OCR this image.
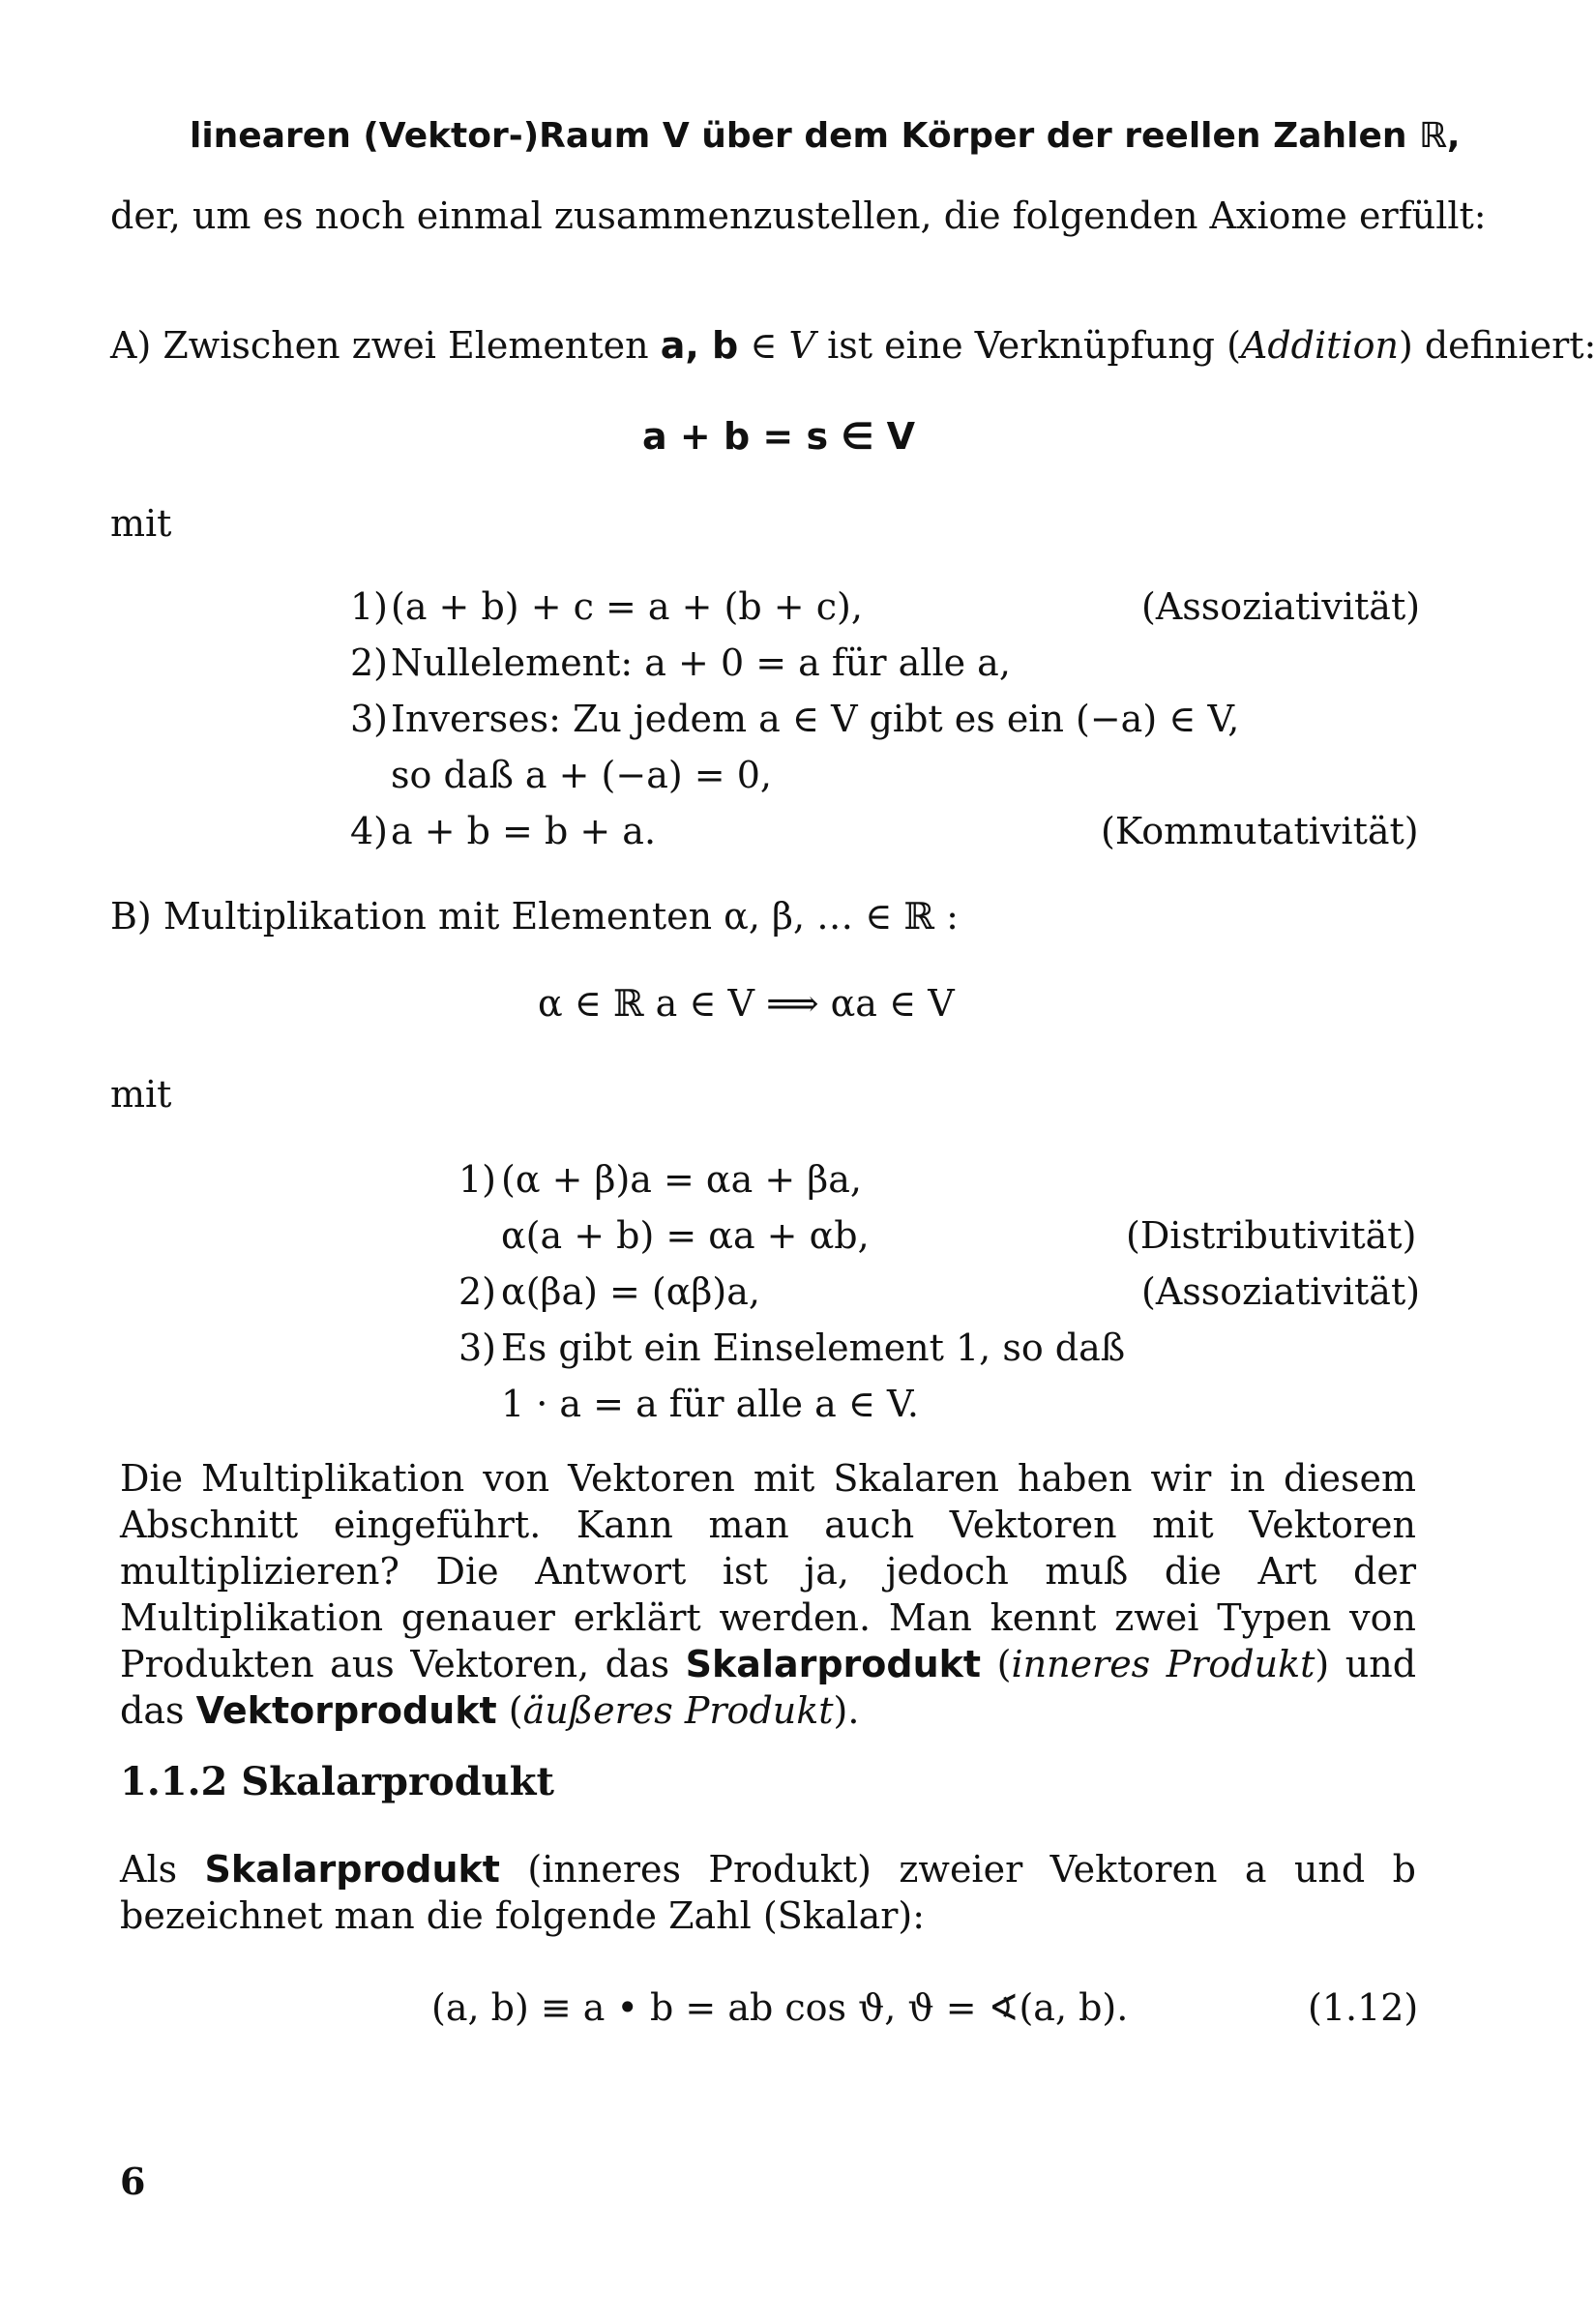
linearen (Vektor-)Raum V über dem Körper der reellen Zahlen ℝ,
der, um es noch einmal zusammenzustellen, die folgenden Axiome erfüllt:
A) Zwischen zwei Elementen a, b ∈ V ist eine Verknüpfung (Addition) definiert:
a + b = s ∈ V
mit
1) (a + b) + c = a + (b + c),	(Assoziativität)
2) Nullelement: a + 0 = a für alle a,
3) Inverses: Zu jedem a ∈ V gibt es ein (−a) ∈ V,
so daß a + (−a) = 0,
4) a + b = b + a.	(Kommutativität)
B) Multiplikation mit Elementen α, β, … ∈ ℝ :
α ∈ ℝ a ∈ V ⟹ αa ∈ V
mit
1) (α + β)a = αa + βa,
α(a + b) = αa + αb,	(Distributivität)
2) α(βa) = (αβ)a,	(Assoziativität)
3) Es gibt ein Einselement 1, so daß
1 · a = a für alle a ∈ V.
Die Multiplikation von Vektoren mit Skalaren haben wir in diesem Abschnitt eingeführt. Kann man auch Vektoren mit Vektoren multiplizieren? Die Antwort ist ja, jedoch muß die Art der Multiplikation genauer erklärt werden. Man kennt zwei Typen von Produkten aus Vektoren, das Skalarprodukt (inneres Produkt) und das Vektorprodukt (äußeres Produkt).
1.1.2 Skalarprodukt
Als Skalarprodukt (inneres Produkt) zweier Vektoren a und b bezeichnet man die folgende Zahl (Skalar):
(a, b) ≡ a • b = ab cos ϑ, ϑ = ∢(a, b).	(1.12)
6
